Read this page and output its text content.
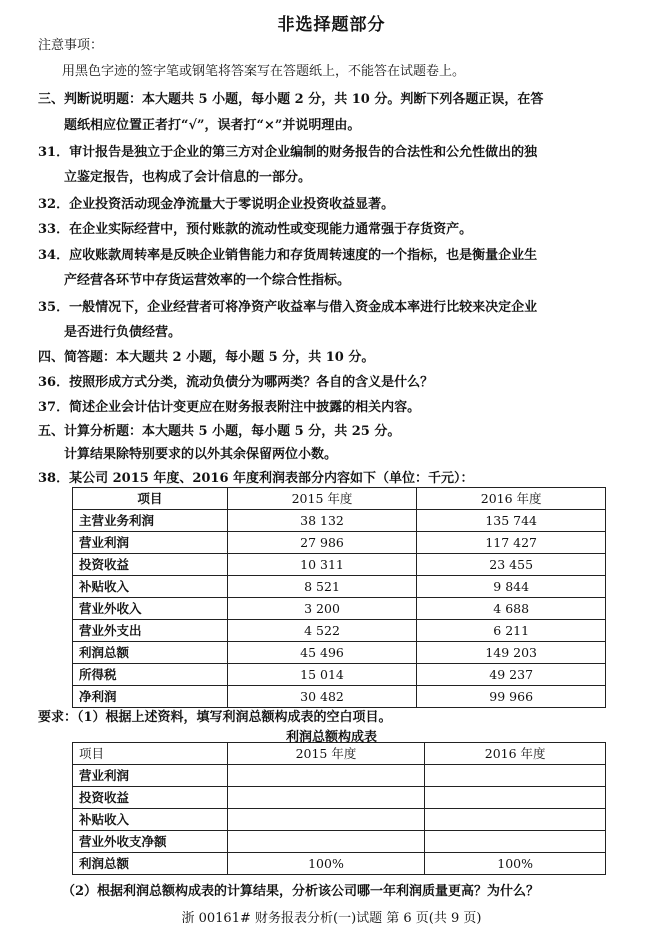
非选择题部分
注意事项：
用黑色字迹的签字笔或钢笔将答案写在答题纸上，不能答在试题卷上。
三、判断说明题：本大题共 5 小题，每小题 2 分，共 10 分。判断下列各题正误，在答
题纸相应位置正者打“√”，误者打“×”并说明理由。
31．审计报告是独立于企业的第三方对企业编制的财务报告的合法性和公允性做出的独
立鉴定报告，也构成了会计信息的一部分。
32．企业投资活动现金净流量大于零说明企业投资收益显著。
33．在企业实际经营中，预付账款的流动性或变现能力通常强于存货资产。
34．应收账款周转率是反映企业销售能力和存货周转速度的一个指标，也是衡量企业生
产经营各环节中存货运营效率的一个综合性指标。
35．一般情况下，企业经营者可将净资产收益率与借入资金成本率进行比较来决定企业
是否进行负债经营。
四、简答题：本大题共 2 小题，每小题 5 分，共 10 分。
36．按照形成方式分类，流动负债分为哪两类？各自的含义是什么？
37．简述企业会计估计变更应在财务报表附注中披露的相关内容。
五、计算分析题：本大题共 5 小题，每小题 5 分，共 25 分。
计算结果除特别要求的以外其余保留两位小数。
38．某公司 2015 年度、2016 年度利润表部分内容如下（单位：千元）：
项目	2015 年度	2016 年度
主营业务利润	38 132	135 744
营业利润	27 986	117 427
投资收益	10 311	23 455
补贴收入	8 521	9 844
营业外收入	3 200	4 688
营业外支出	4 522	6 211
利润总额	45 496	149 203
所得税	15 014	49 237
净利润	30 482	99 966
要求：（1）根据上述资料，填写利润总额构成表的空白项目。
利润总额构成表
项目	2015 年度	2016 年度
营业利润		
投资收益		
补贴收入		
营业外收支净额		
利润总额	100%	100%
（2）根据利润总额构成表的计算结果，分析该公司哪一年利润质量更高？为什么？
浙 00161# 财务报表分析(一)试题 第 6 页(共 9 页)
